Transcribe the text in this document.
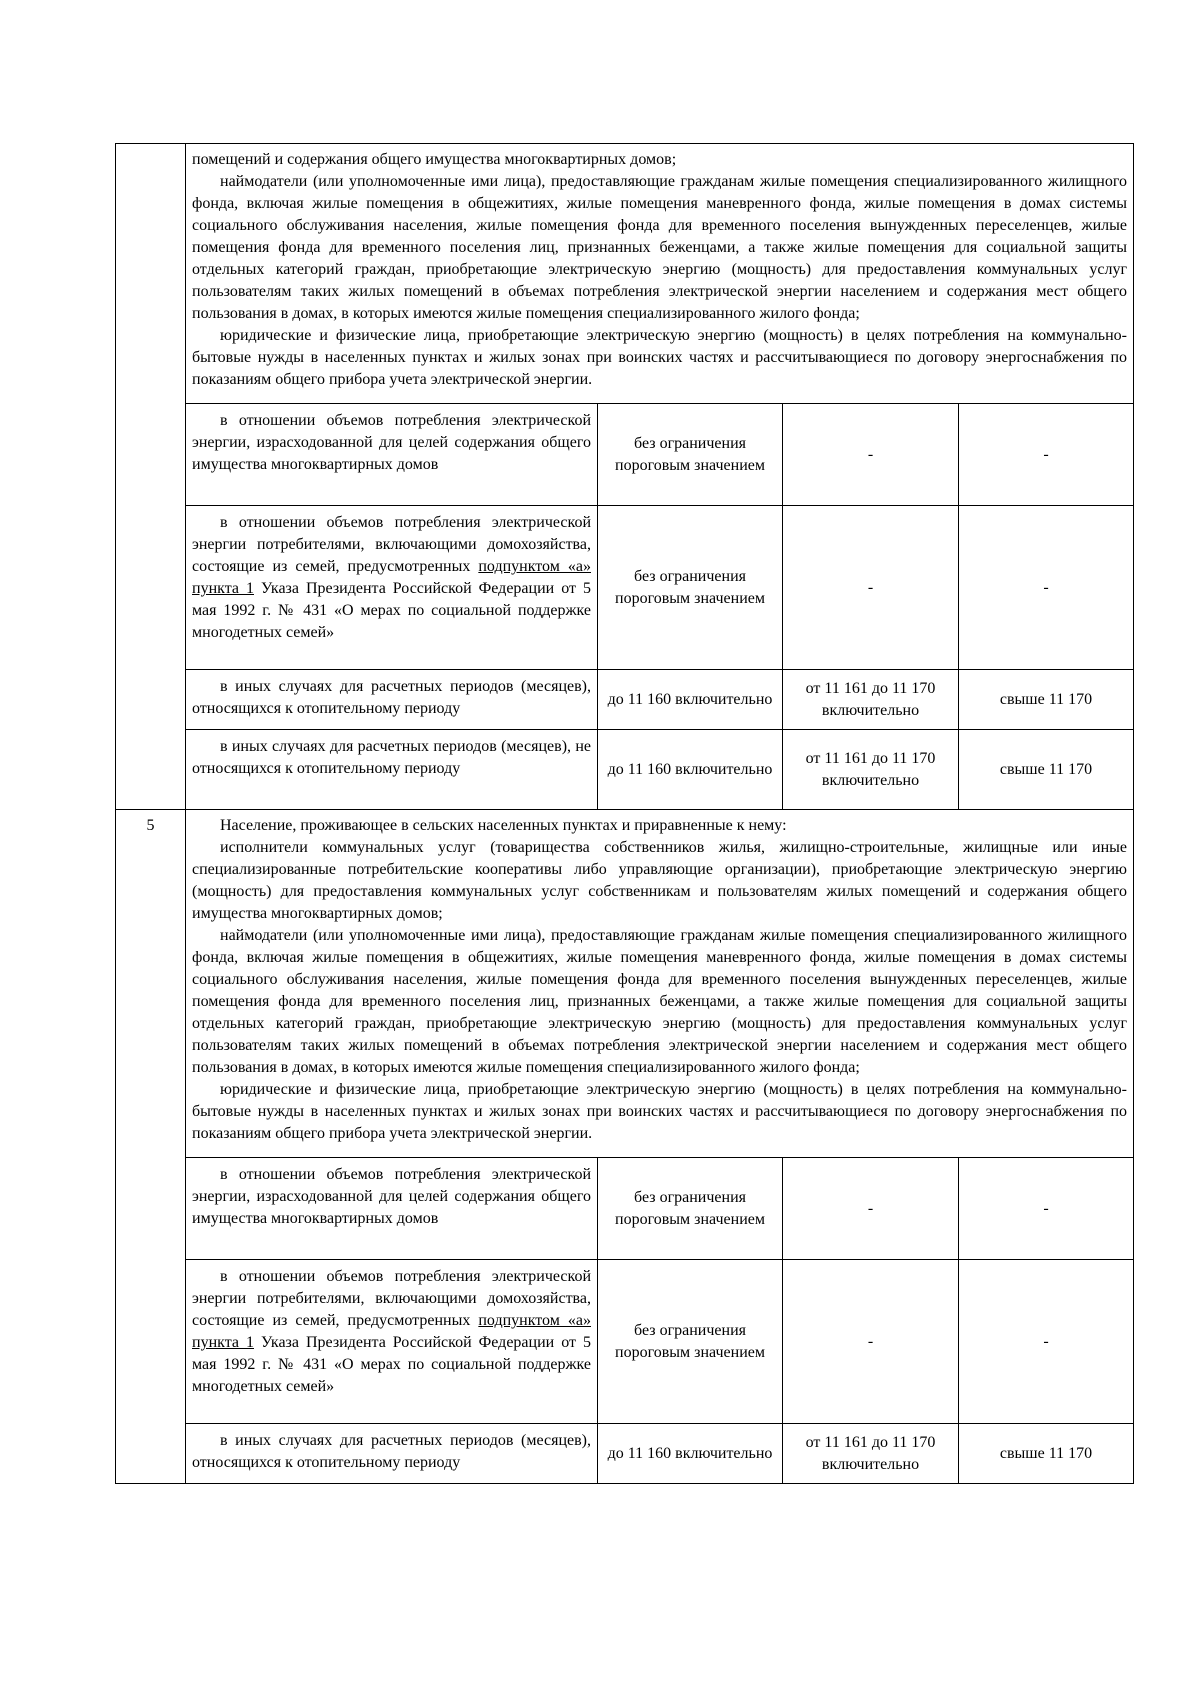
	помещений и содержания общего имущества многоквартирных домов;

наймодатели (или уполномоченные ими лица), предоставляющие гражданам жилые помещения специализированного жилищного фонда, включая жилые помещения в общежитиях, жилые помещения маневренного фонда, жилые помещения в домах системы социального обслуживания населения, жилые помещения фонда для временного поселения вынужденных переселенцев, жилые помещения фонда для временного поселения лиц, признанных беженцами, а также жилые помещения для социальной защиты отдельных категорий граждан, приобретающие электрическую энергию (мощность) для предоставления коммунальных услуг пользователям таких жилых помещений в объемах потребления электрической энергии населением и содержания мест общего пользования в домах, в которых имеются жилые помещения специализированного жилого фонда;

юридические и физические лица, приобретающие электрическую энергию (мощность) в целях потребления на коммунально-бытовые нужды в населенных пунктах и жилых зонах при воинских частях и рассчитывающиеся по договору энергоснабжения по показаниям общего прибора учета электрической энергии.			

	в отношении объемов потребления электрической энергии, израсходованной для целей содержания общего имущества многоквартирных домов	без ограничения пороговым значением	-	-
	в отношении объемов потребления электрической энергии потребителями, включающими домохозяйства, состоящие из семей, предусмотренных подпунктом «а» пункта 1 Указа Президента Российской Федерации от 5 мая 1992 г. № 431 «О мерах по социальной поддержке многодетных семей»	без ограничения пороговым значением	-	-
	в иных случаях для расчетных периодов (месяцев), относящихся к отопительному периоду	до 11 160 включительно	от 11 161 до 11 170 включительно	свыше 11 170
	в иных случаях для расчетных периодов (месяцев), не относящихся к отопительному периоду	до 11 160 включительно	от 11 161 до 11 170 включительно	свыше 11 170
5	Население, проживающее в сельских населенных пунктах и приравненные к нему:

исполнители коммунальных услуг (товарищества собственников жилья, жилищно-строительные, жилищные или иные специализированные потребительские кооперативы либо управляющие организации), приобретающие электрическую энергию (мощность) для предоставления коммунальных услуг собственникам и пользователям жилых помещений и содержания общего имущества многоквартирных домов;

наймодатели (или уполномоченные ими лица), предоставляющие гражданам жилые помещения специализированного жилищного фонда, включая жилые помещения в общежитиях, жилые помещения маневренного фонда, жилые помещения в домах системы социального обслуживания населения, жилые помещения фонда для временного поселения вынужденных переселенцев, жилые помещения фонда для временного поселения лиц, признанных беженцами, а также жилые помещения для социальной защиты отдельных категорий граждан, приобретающие электрическую энергию (мощность) для предоставления коммунальных услуг пользователям таких жилых помещений в объемах потребления электрической энергии населением и содержания мест общего пользования в домах, в которых имеются жилые помещения специализированного жилого фонда;

юридические и физические лица, приобретающие электрическую энергию (мощность) в целях потребления на коммунально-бытовые нужды в населенных пунктах и жилых зонах при воинских частях и рассчитывающиеся по договору энергоснабжения по показаниям общего прибора учета электрической энергии.			

	в отношении объемов потребления электрической энергии, израсходованной для целей содержания общего имущества многоквартирных домов	без ограничения пороговым значением	-	-
	в отношении объемов потребления электрической энергии потребителями, включающими домохозяйства, состоящие из семей, предусмотренных подпунктом «а» пункта 1 Указа Президента Российской Федерации от 5 мая 1992 г. № 431 «О мерах по социальной поддержке многодетных семей»	без ограничения пороговым значением	-	-
	в иных случаях для расчетных периодов (месяцев), относящихся к отопительному периоду	до 11 160 включительно	от 11 161 до 11 170 включительно	свыше 11 170
